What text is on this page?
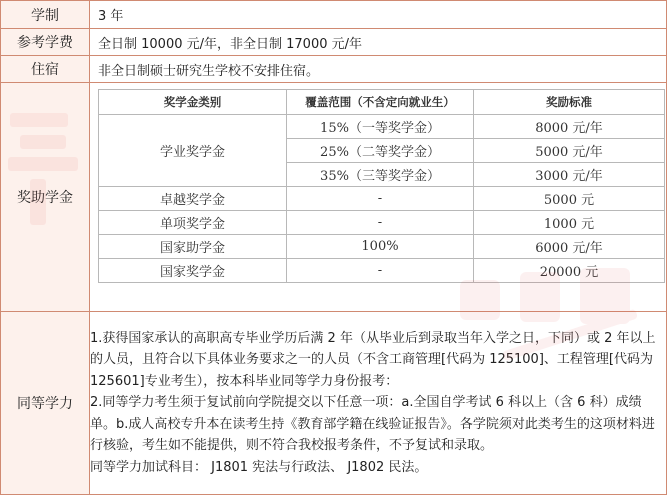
学制	3 年
参考学费	全日制 10000 元/年，非全日制 17000 元/年
住宿	非全日制硕士研究生学校不安排住宿。
奖助学金	
奖学金类别	覆盖范围（不含定向就业生）	奖励标准
学业奖学金	15%（一等奖学金）	8000 元/年
25%（二等奖学金）	5000 元/年
35%（三等奖学金）	3000 元/年
卓越奖学金	-	5000 元
单项奖学金	-	1000 元
国家助学金	100%	6000 元/年
国家奖学金	-	20000 元

同等学力	

1.获得国家承认的高职高专毕业学历后满 2 年（从毕业后到录取当年入学之日，下同）或 2 年以上的人员，且符合以下具体业务要求之一的人员（不含工商管理[代码为 125100]、工程管理[代码为 125601]专业考生），按本科毕业同等学力身份报考：

2.同等学力考生须于复试前向学院提交以下任意一项：a.全国自学考试 6 科以上（含 6 科）成绩单。b.成人高校专升本在读考生持《教育部学籍在线验证报告》。各学院须对此类考生的这项材料进行核验，考生如不能提供，则不符合我校报考条件，不予复试和录取。

同等学力加试科目： J1801 宪法与行政法、 J1802 民法。
